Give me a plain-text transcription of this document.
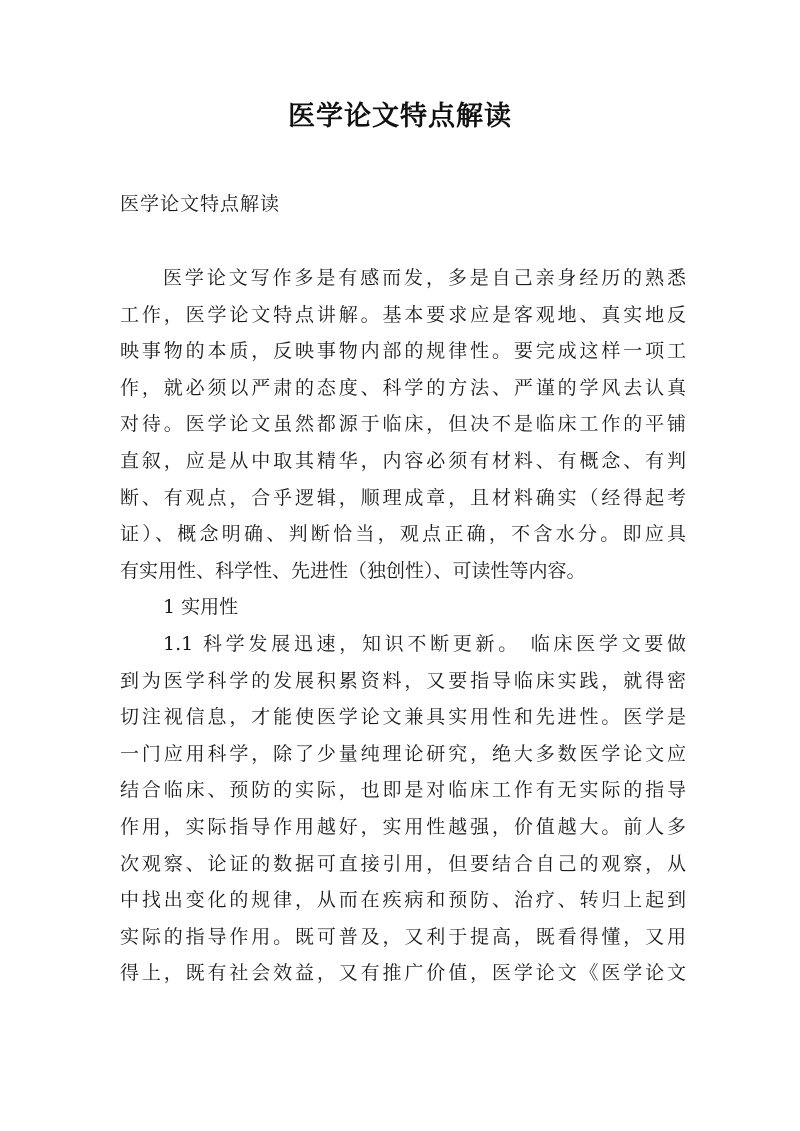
医学论文特点解读
医学论文特点解读
医学论文写作多是有感而发，多是自己亲身经历的熟悉
工作，医学论文特点讲解。基本要求应是客观地、真实地反
映事物的本质，反映事物内部的规律性。要完成这样一项工
作，就必须以严肃的态度、科学的方法、严谨的学风去认真
对待。医学论文虽然都源于临床，但决不是临床工作的平铺
直叙，应是从中取其精华，内容必须有材料、有概念、有判
断、有观点，合乎逻辑，顺理成章，且材料确实（经得起考
证）、概念明确、判断恰当，观点正确，不含水分。即应具
有实用性、科学性、先进性（独创性）、可读性等内容。
1 实用性
1.1 科学发展迅速，知识不断更新。 临床医学文要做
到为医学科学的发展积累资料，又要指导临床实践，就得密
切注视信息，才能使医学论文兼具实用性和先进性。医学是
一门应用科学，除了少量纯理论研究，绝大多数医学论文应
结合临床、预防的实际，也即是对临床工作有无实际的指导
作用，实际指导作用越好，实用性越强，价值越大。前人多
次观察、论证的数据可直接引用，但要结合自己的观察，从
中找出变化的规律，从而在疾病和预防、治疗、转归上起到
实际的指导作用。既可普及，又利于提高，既看得懂，又用
得上，既有社会效益，又有推广价值，医学论文《医学论文
